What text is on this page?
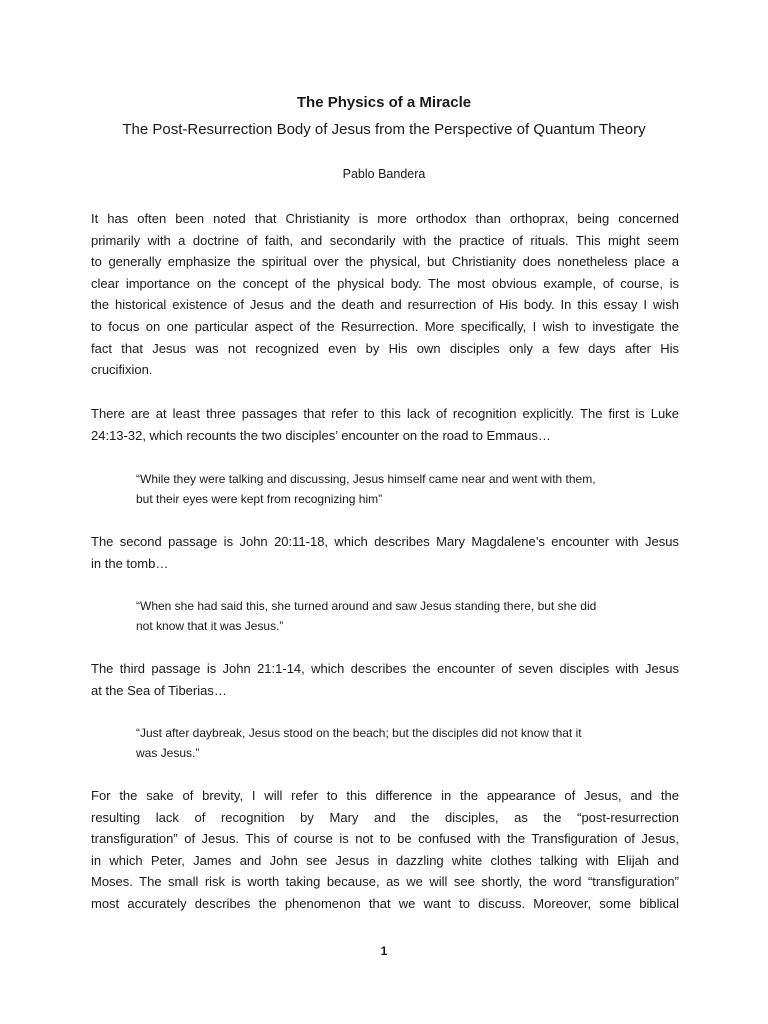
The Physics of a Miracle
The Post-Resurrection Body of Jesus from the Perspective of Quantum Theory

Pablo Bandera

It has often been noted that Christianity is more orthodox than orthoprax, being concerned
primarily with a doctrine of faith, and secondarily with the practice of rituals. This might seem
to generally emphasize the spiritual over the physical, but Christianity does nonetheless place a
clear importance on the concept of the physical body. The most obvious example, of course, is
the historical existence of Jesus and the death and resurrection of His body. In this essay I wish
to focus on one particular aspect of the Resurrection. More specifically, I wish to investigate the
fact that Jesus was not recognized even by His own disciples only a few days after His
crucifixion.

There are at least three passages that refer to this lack of recognition explicitly. The first is Luke
24:13-32, which recounts the two disciples’ encounter on the road to Emmaus…

“While they were talking and discussing, Jesus himself came near and went with them,
but their eyes were kept from recognizing him”

The second passage is John 20:11-18, which describes Mary Magdalene’s encounter with Jesus
in the tomb…

“When she had said this, she turned around and saw Jesus standing there, but she did
not know that it was Jesus.”

The third passage is John 21:1-14, which describes the encounter of seven disciples with Jesus
at the Sea of Tiberias…

“Just after daybreak, Jesus stood on the beach; but the disciples did not know that it
was Jesus.”

For the sake of brevity, I will refer to this difference in the appearance of Jesus, and the
resulting lack of recognition by Mary and the disciples, as the “post-resurrection
transfiguration” of Jesus. This of course is not to be confused with the Transfiguration of Jesus,
in which Peter, James and John see Jesus in dazzling white clothes talking with Elijah and
Moses. The small risk is worth taking because, as we will see shortly, the word “transfiguration”
most accurately describes the phenomenon that we want to discuss. Moreover, some biblical

1
